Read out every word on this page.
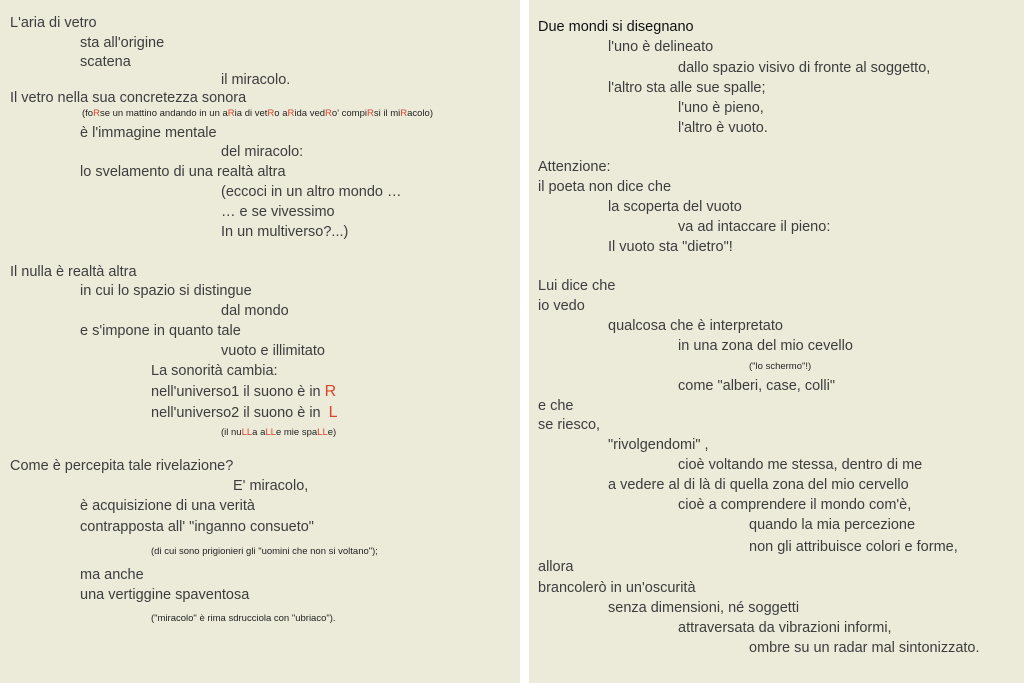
L'aria di vetro
sta all'origine
scatena
il miracolo.
Il vetro nella sua concretezza sonora
(foRse un mattino andando in un aRia di vetRo aRida vedRo' compiRsi il miRacolo)
è l'immagine mentale
del miracolo:
lo svelamento di una realtà altra
(eccoci in un altro mondo …
… e se vivessimo
In un multiverso?...)
Il nulla è realtà altra
in cui lo spazio si distingue
dal mondo
e s'impone in quanto tale
vuoto e illimitato
La sonorità cambia:
nell'universo1 il suono è in R
nell'universo2 il suono è in L
(il nuLLa aLLe mie spaLLe)
Come è percepita tale rivelazione?
E' miracolo,
è acquisizione di una verità
contrapposta all' "inganno consueto"
(di cui sono prigionieri gli "uomini che non si voltano");
ma anche
una vertiggine spaventosa
("miracolo" è rima sdrucciola con "ubriaco").
Due mondi si disegnano
l'uno è delineato
dallo spazio visivo di fronte al soggetto,
l'altro sta alle sue spalle;
l'uno è pieno,
l'altro è vuoto.
Attenzione:
il poeta non dice che
la scoperta del vuoto
va ad intaccare il pieno:
Il vuoto sta "dietro"!
Lui dice che
io vedo
qualcosa che è interpretato
in una zona del mio cevello
("lo schermo"!)
come "alberi, case, colli"
e che
se riesco,
"rivolgendomi" ,
cioè voltando me stessa, dentro di me
a vedere al di là di quella zona del mio cervello
cioè a comprendere il mondo com'è,
quando la mia percezione
non gli attribuisce colori e forme,
allora
brancolerò in un'oscurità
senza dimensioni, né soggetti
attraversata da vibrazioni informi,
ombre su un radar mal sintonizzato.
